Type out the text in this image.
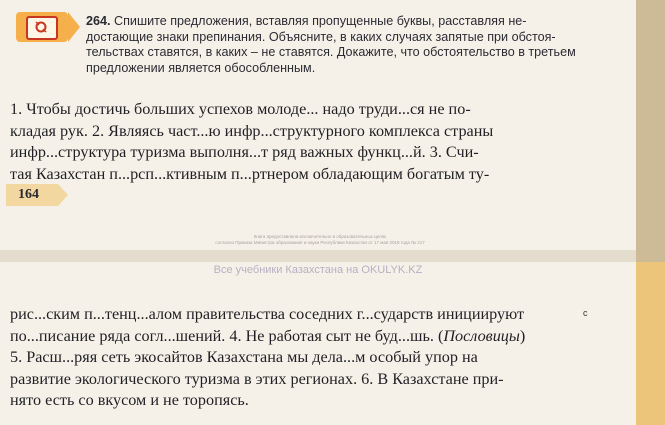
264. Спишите предложения, вставляя пропущенные буквы, расставляя не-
достающие знаки препинания. Объясните, в каких случаях запятые при обстоя-
тельствах ставятся, в каких – не ставятся. Докажите, что обстоятельство в третьем
предложении является обособленным.
1. Чтобы достичь больших успехов молоде... надо труди...ся не по-
кладая рук. 2. Являясь част...ю инфр...структурного комплекса страны
инфр...структура туризма выполня...т ряд важных функц...й. 3. Счи-
тая Казахстан п...рсп...ктивным п...ртнером обладающим богатым ту-
164
Книга предоставлена исключительно в образовательных целях
согласно Приказа Министра образования и науки Республики Казахстан от 17 мая 2019 года № 217
Все учебники Казахстана на OKULYK.KZ
с
рис...ским п...тенц...алом правительства соседних г...сударств инициируют
по...писание ряда согл...шений. 4. Не работая сыт не буд...шь. (Пословицы)
5. Расш...ряя сеть экосайтов Казахстана мы дела...м особый упор на
развитие экологического туризма в этих регионах. 6. В Казахстане при-
нято есть со вкусом и не торопясь.
